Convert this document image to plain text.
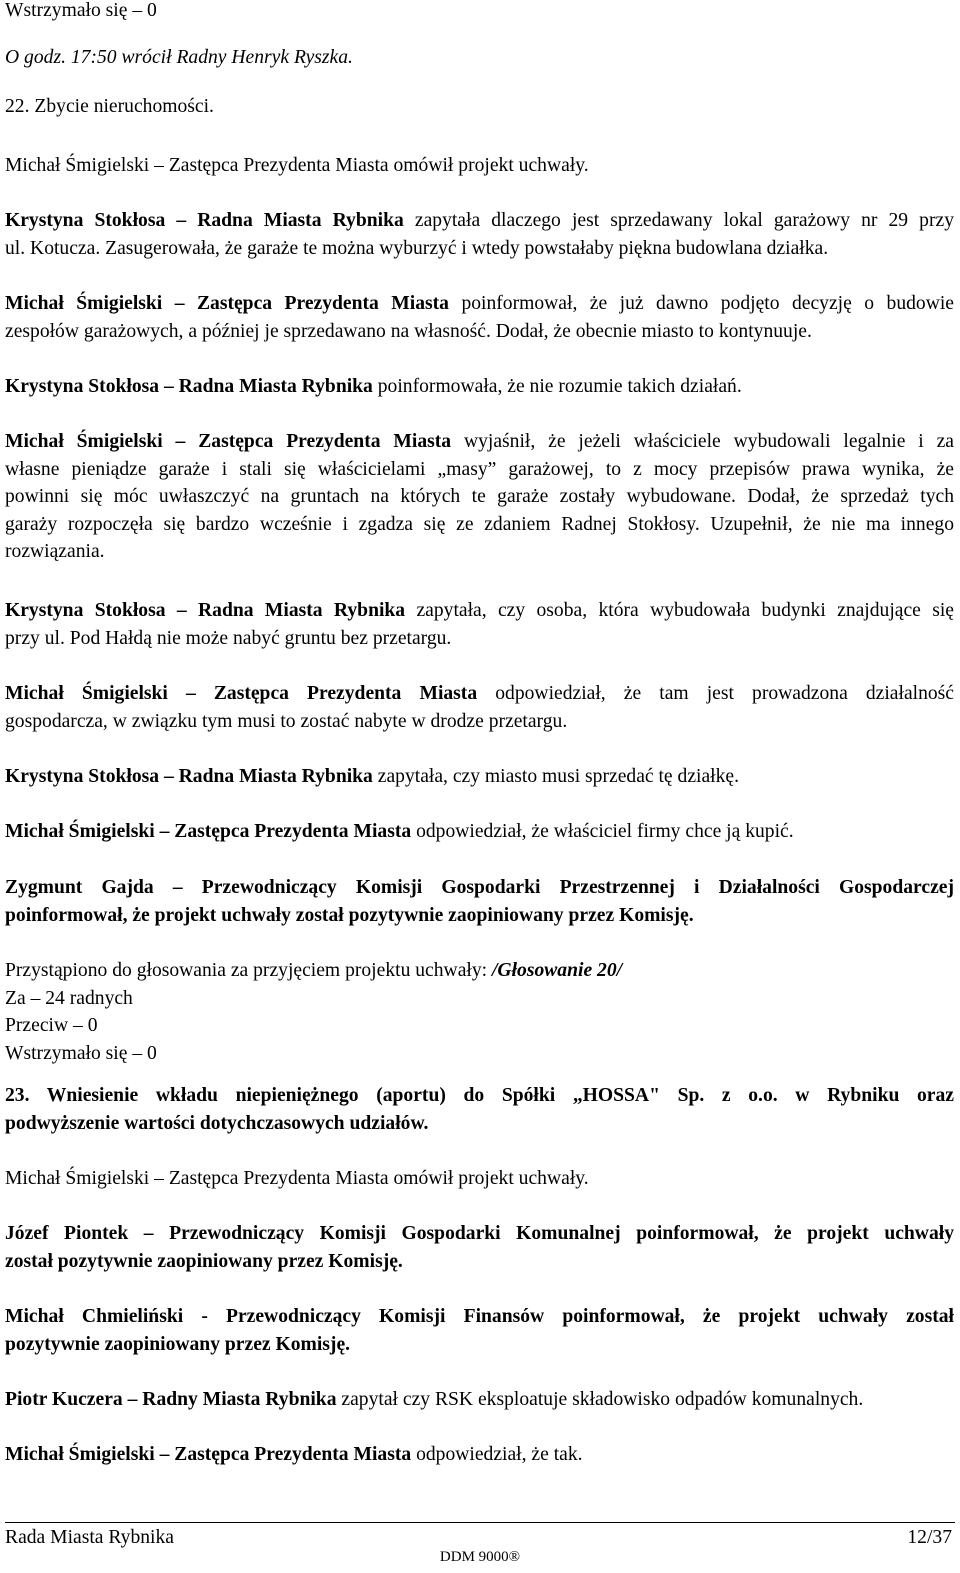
Wstrzymało się – 0

O godz. 17:50 wrócił Radny Henryk Ryszka.

22. Zbycie nieruchomości.

Michał Śmigielski – Zastępca Prezydenta Miasta omówił projekt uchwały.

Krystyna Stokłosa – Radna Miasta Rybnika zapytała dlaczego jest sprzedawany lokal garażowy nr 29 przy
ul. Kotucza. Zasugerowała, że garaże te można wyburzyć i wtedy powstałaby piękna budowlana działka.

Michał Śmigielski – Zastępca Prezydenta Miasta poinformował, że już dawno podjęto decyzję o budowie
zespołów garażowych, a później je sprzedawano na własność. Dodał, że obecnie miasto to kontynuuje.

Krystyna Stokłosa – Radna Miasta Rybnika poinformowała, że nie rozumie takich działań.

Michał Śmigielski – Zastępca Prezydenta Miasta wyjaśnił, że jeżeli właściciele wybudowali legalnie i za
własne pieniądze garaże i stali się właścicielami „masy” garażowej, to z mocy przepisów prawa wynika, że
powinni się móc uwłaszczyć na gruntach na których te garaże zostały wybudowane. Dodał, że sprzedaż tych
garaży rozpoczęła się bardzo wcześnie i zgadza się ze zdaniem Radnej Stokłosy. Uzupełnił, że nie ma innego
rozwiązania.

Krystyna Stokłosa – Radna Miasta Rybnika zapytała, czy osoba, która wybudowała budynki znajdujące się
przy ul. Pod Hałdą nie może nabyć gruntu bez przetargu.

Michał Śmigielski – Zastępca Prezydenta Miasta odpowiedział, że tam jest prowadzona działalność
gospodarcza, w związku tym musi to zostać nabyte w drodze przetargu.

Krystyna Stokłosa – Radna Miasta Rybnika zapytała, czy miasto musi sprzedać tę działkę.

Michał Śmigielski – Zastępca Prezydenta Miasta odpowiedział, że właściciel firmy chce ją kupić.

Zygmunt Gajda – Przewodniczący Komisji Gospodarki Przestrzennej i Działalności Gospodarczej
poinformował, że projekt uchwały został pozytywnie zaopiniowany przez Komisję.

Przystąpiono do głosowania za przyjęciem projektu uchwały: /Głosowanie 20/

Za – 24 radnych

Przeciw – 0

Wstrzymało się – 0

23. Wniesienie wkładu niepieniężnego (aportu) do Spółki „HOSSA" Sp. z o.o. w Rybniku oraz
podwyższenie wartości dotychczasowych udziałów.

Michał Śmigielski – Zastępca Prezydenta Miasta omówił projekt uchwały.

Józef Piontek – Przewodniczący Komisji Gospodarki Komunalnej poinformował, że projekt uchwały
został pozytywnie zaopiniowany przez Komisję.

Michał Chmieliński - Przewodniczący Komisji Finansów poinformował, że projekt uchwały został
pozytywnie zaopiniowany przez Komisję.

Piotr Kuczera – Radny Miasta Rybnika zapytał czy RSK eksploatuje składowisko odpadów komunalnych.

Michał Śmigielski – Zastępca Prezydenta Miasta odpowiedział, że tak.

Rada Miasta Rybnika	12/37
DDM 9000®
